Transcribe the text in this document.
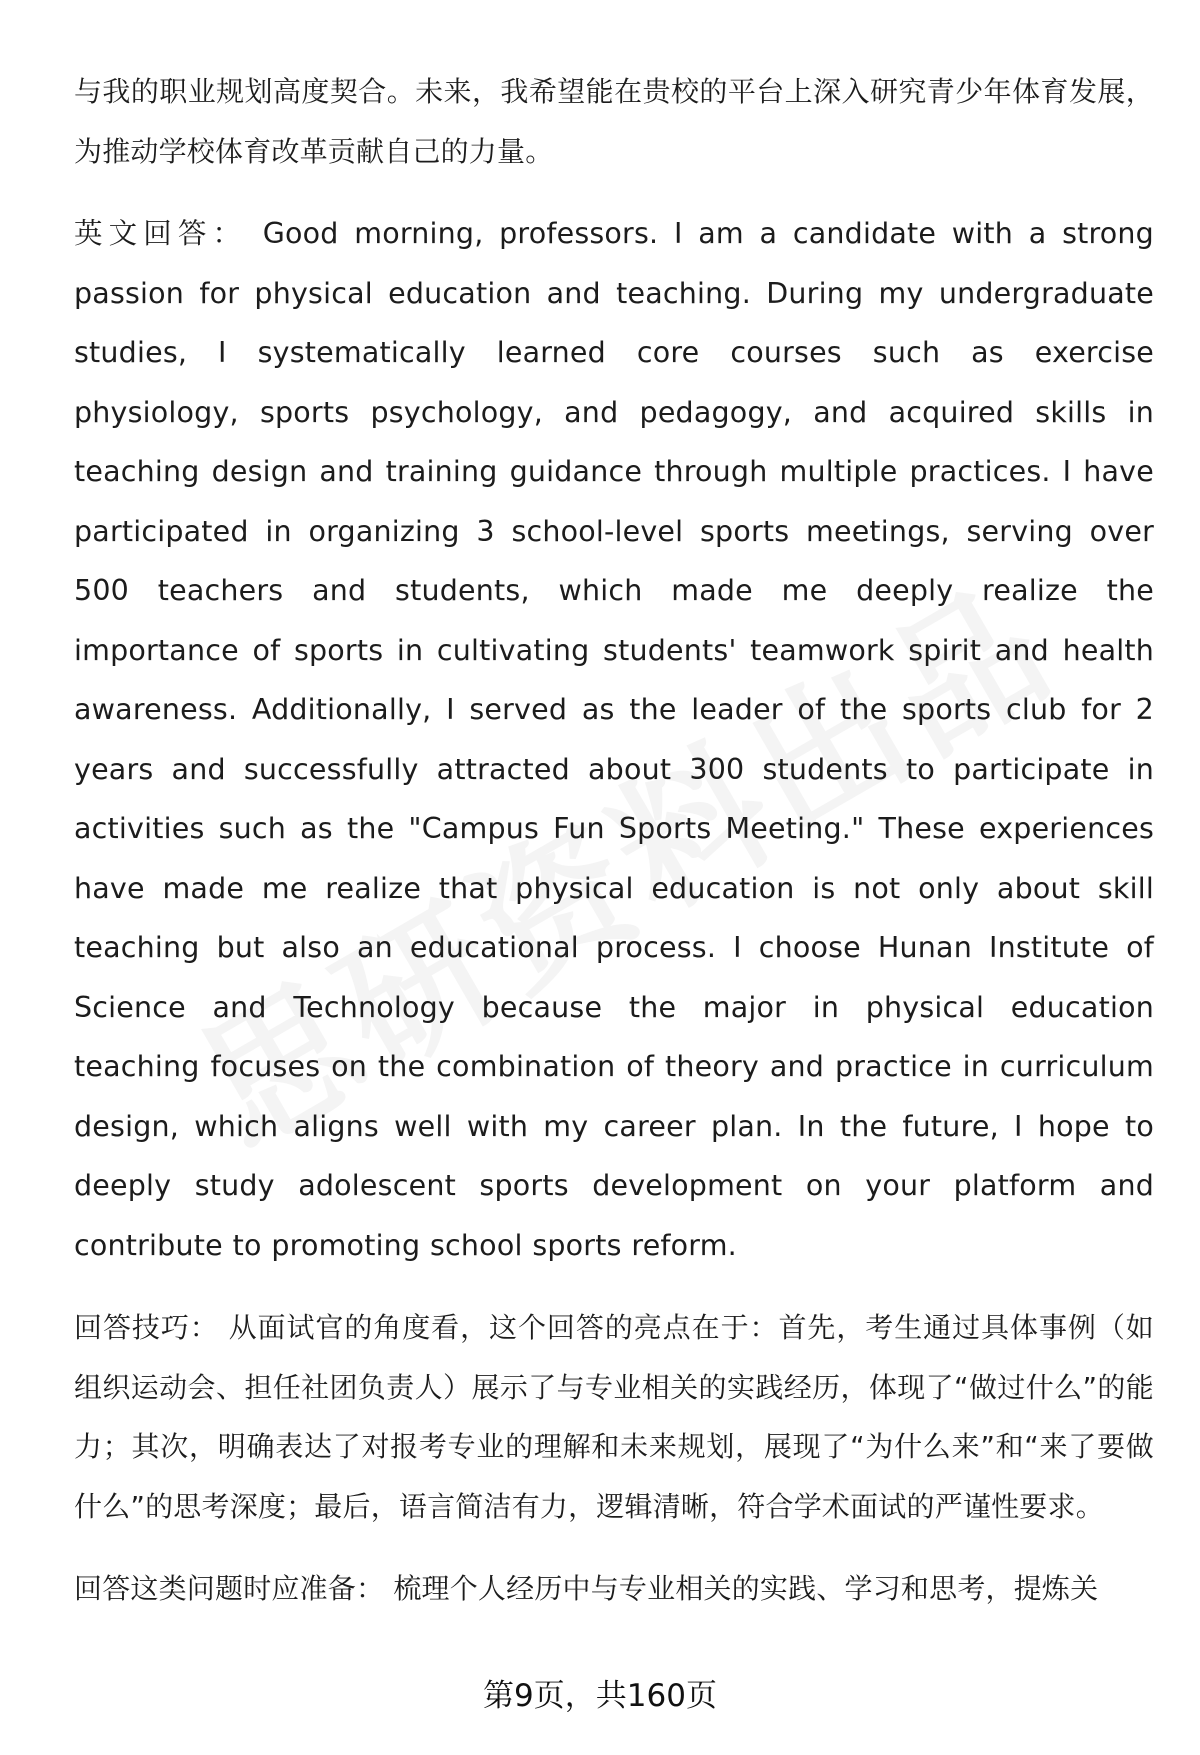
与我的职业规划高度契合。未来，我希望能在贵校的平台上深入研究青少年体育发展，为推动学校体育改革贡献自己的力量。

英文回答： Good morning, professors. I am a candidate with a strong passion for physical education and teaching. During my undergraduate studies, I systematically learned core courses such as exercise physiology, sports psychology, and pedagogy, and acquired skills in teaching design and training guidance through multiple practices. I have participated in organizing 3 school-level sports meetings, serving over 500 teachers and students, which made me deeply realize the importance of sports in cultivating students' teamwork spirit and health awareness. Additionally, I served as the leader of the sports club for 2 years and successfully attracted about 300 students to participate in activities such as the "Campus Fun Sports Meeting." These experiences have made me realize that physical education is not only about skill teaching but also an educational process. I choose Hunan Institute of Science and Technology because the major in physical education teaching focuses on the combination of theory and practice in curriculum design, which aligns well with my career plan. In the future, I hope to deeply study adolescent sports development on your platform and contribute to promoting school sports reform.

回答技巧： 从面试官的角度看，这个回答的亮点在于：首先，考生通过具体事例（如组织运动会、担任社团负责人）展示了与专业相关的实践经历，体现了“做过什么”的能力；其次，明确表达了对报考专业的理解和未来规划，展现了“为什么来”和“来了要做什么”的思考深度；最后，语言简洁有力，逻辑清晰，符合学术面试的严谨性要求。

回答这类问题时应准备： 梳理个人经历中与专业相关的实践、学习和思考，提炼关

第9页，共160页
